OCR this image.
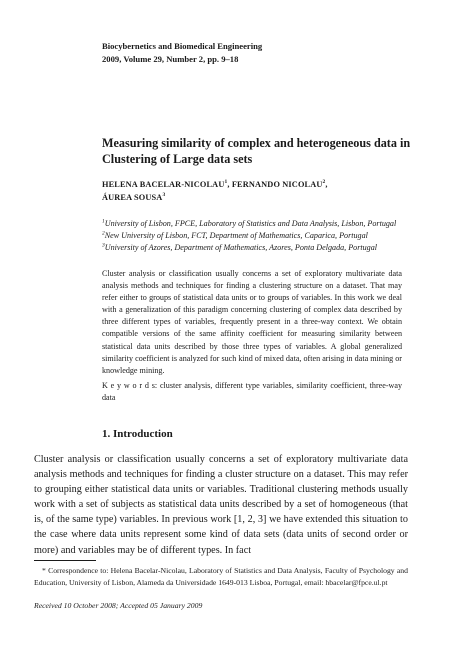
Biocybernetics and Biomedical Engineering
2009, Volume 29, Number 2, pp. 9–18
Measuring similarity of complex and heterogeneous data in Clustering of Large data sets
HELENA BACELAR-NICOLAU$^1$, FERNANDO NICOLAU$^2$,
ÁUREA SOUSA$^3$
$^1$University of Lisbon, FPCE, Laboratory of Statistics and Data Analysis, Lisbon, Portugal
$^2$New University of Lisbon, FCT, Department of Mathematics, Caparica, Portugal
$^3$University of Azores, Department of Mathematics, Azores, Ponta Delgada, Portugal
Cluster analysis or classification usually concerns a set of exploratory multivariate data analysis methods and techniques for finding a clustering structure on a dataset. That may refer either to groups of statistical data units or to groups of variables. In this work we deal with a generalization of this paradigm concerning clustering of complex data described by three different types of variables, frequently present in a three-way context. We obtain compatible versions of the same affinity coefficient for measuring similarity between statistical data units described by those three types of variables. A global generalized similarity coefficient is analyzed for such kind of mixed data, often arising in data mining or knowledge mining.
K e y w o r d s: cluster analysis, different type variables, similarity coefficient, three-way data
1. Introduction
Cluster analysis or classification usually concerns a set of exploratory multivariate data analysis methods and techniques for finding a cluster structure on a dataset. This may refer to grouping either statistical data units or variables. Traditional clustering methods usually work with a set of subjects as statistical data units described by a set of homogeneous (that is, of the same type) variables. In previous work [1, 2, 3] we have extended this situation to the case where data units represent some kind of data sets (data units of second order or more) and variables may be of different types. In fact
* Correspondence to: Helena Bacelar-Nicolau, Laboratory of Statistics and Data Analysis, Faculty of Psychology and Education, University of Lisbon, Alameda da Universidade 1649-013 Lisboa, Portugal, email: hbacelar@fpce.ul.pt
Received 10 October 2008; Accepted 05 January 2009
